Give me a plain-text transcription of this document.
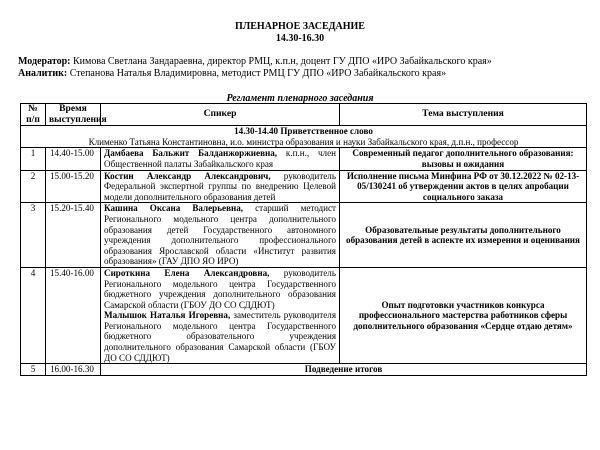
ПЛЕНАРНОЕ ЗАСЕДАНИЕ
14.30-16.30
Модератор: Кимова Светлана Зандараевна, директор РМЦ, к.п.н, доцент ГУ ДПО «ИРО Забайкальского края»
Аналитик: Степанова Наталья Владимировна, методист РМЦ ГУ ДПО «ИРО Забайкальского края»
Регламент пленарного заседания
№ п/п	Время выступления	Спикер	Тема выступления
14.30-14.40 Приветственное слово
Клименко Татьяна Константиновна, и.о. министра образования и науки Забайкальского края, д.п.н., профессор			
1	14.40-15.00	Дамбаева Бальжит Балданжоржиевна, к.п.н., член Общественной палаты Забайкальского края	Современный педагог дополнительного образования: вызовы и ожидания
2	15.00-15.20	Костин Александр Александрович, руководитель Федеральной экспертной группы по внедрению Целевой модели дополнительного образования детей	Исполнение письма Минфина РФ от 30.12.2022 № 02-13-05/130241 об утверждении актов в целях апробации социального заказа
3	15.20-15.40	Кашина Оксана Валерьевна, старший методист Регионального модельного центра дополнительного образования детей Государственного автономного учреждения дополнительного профессионального образования Ярославской области «Институт развития образования» (ГАУ ДПО ЯО ИРО)	Образовательные результаты дополнительного образования детей в аспекте их измерения и оценивания
4	15.40-16.00	Сироткина Елена Александровна, руководитель Регионального модельного центра Государственного бюджетного учреждения дополнительного образования Самарской области (ГБОУ ДО СО СДДЮТ)
Малышок Наталья Игоревна, заместитель руководителя Регионального модельного центра Государственного бюджетного образовательного учреждения дополнительного образования Самарской области (ГБОУ ДО СО СДДЮТ)	Опыт подготовки участников конкурса профессионального мастерства работников сферы дополнительного образования «Сердце отдаю детям»
5	16.00-16.30	Подведение итогов	
